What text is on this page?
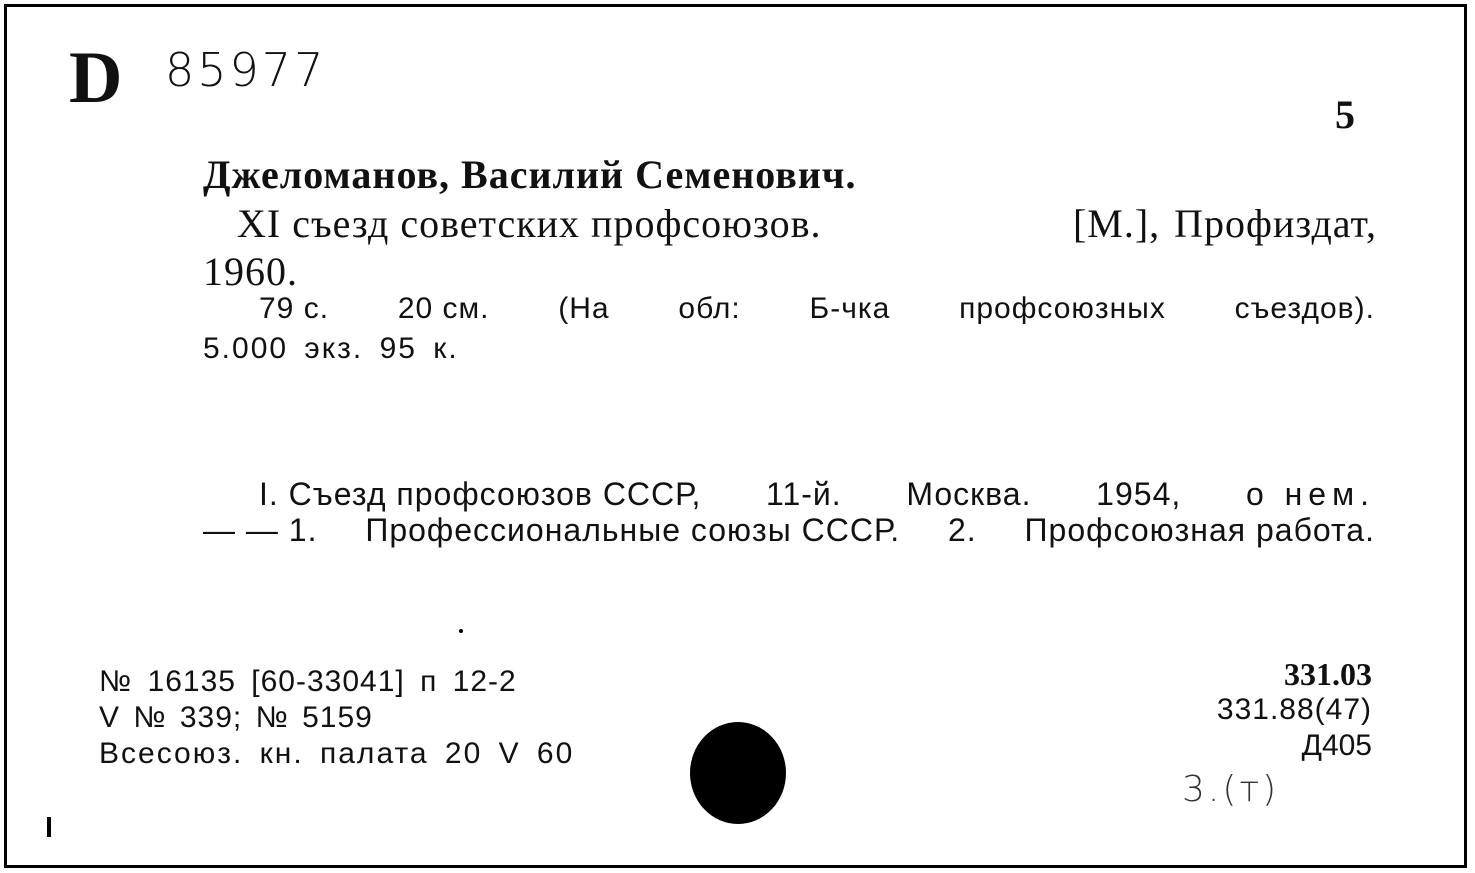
D 85977
5
Джеломанов, Василий Семенович.
XI съезд советских профсоюзов.	[М.], Профиздат,
1960.
79 с. 20 см. (На обл: Б-чка профсоюзных съездов).
5.000 экз. 95 к.
I. Съезд профсоюзов СССР, 11-й. Москва. 1954, о нем.
— — 1. Профессиональные союзы СССР. 2. Профсоюзная работа.
№ 16135 [60-33041] п 12-2
V № 339; № 5159
Всесоюз. кн. палата 20 V 60
331.03
331.88(47)
Д405
3.(т)
